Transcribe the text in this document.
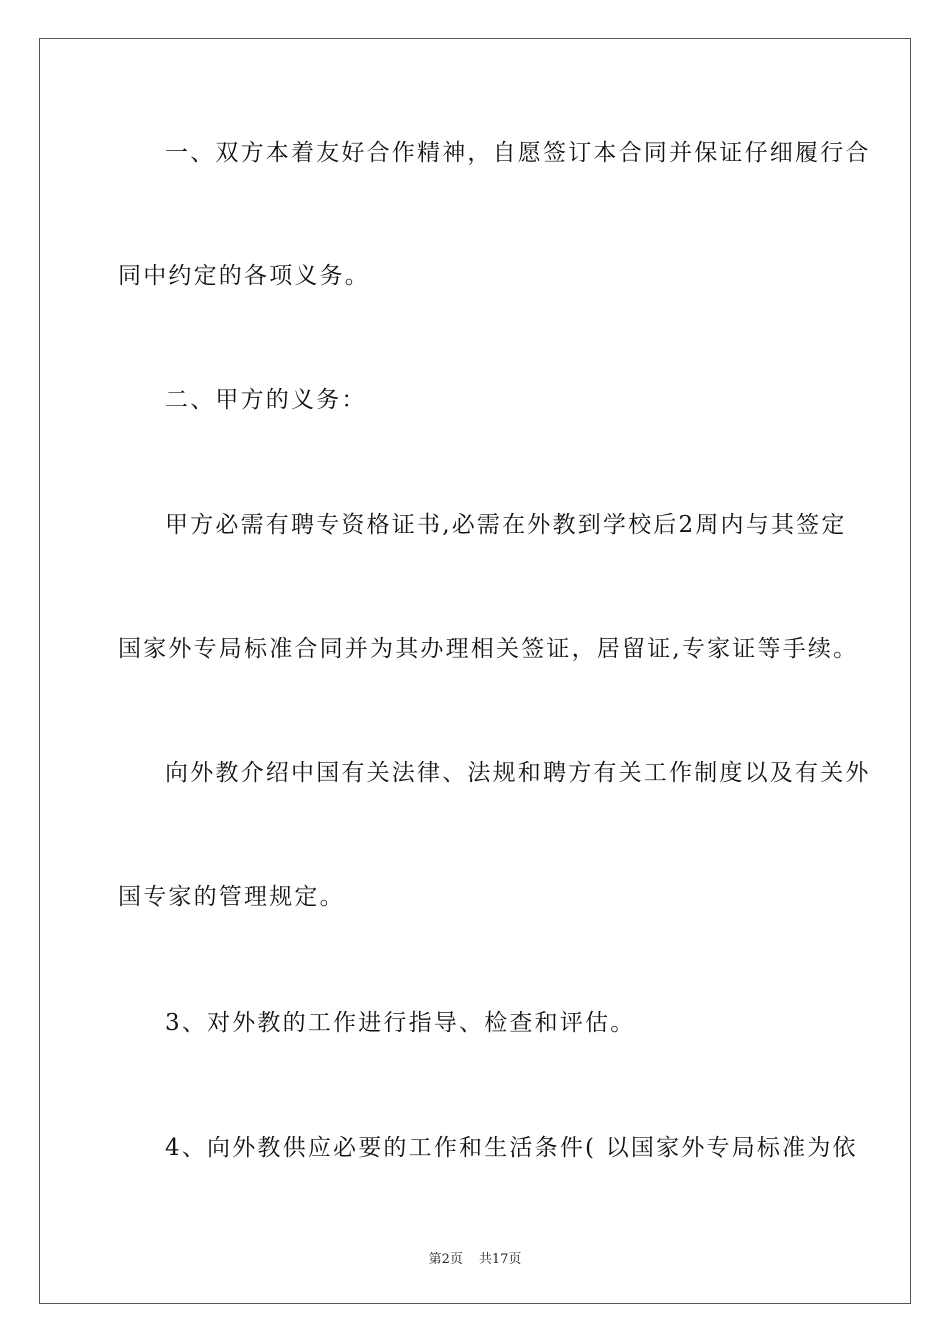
一、双方本着友好合作精神，自愿签订本合同并保证仔细履行合
同中约定的各项义务。
二、甲方的义务：
甲方必需有聘专资格证书,必需在外教到学校后2周内与其签定
国家外专局标准合同并为其办理相关签证，居留证,专家证等手续。
向外教介绍中国有关法律、法规和聘方有关工作制度以及有关外
国专家的管理规定。
3、对外教的工作进行指导、检查和评估。
4、向外教供应必要的工作和生活条件( 以国家外专局标准为依
第2页 共17页
